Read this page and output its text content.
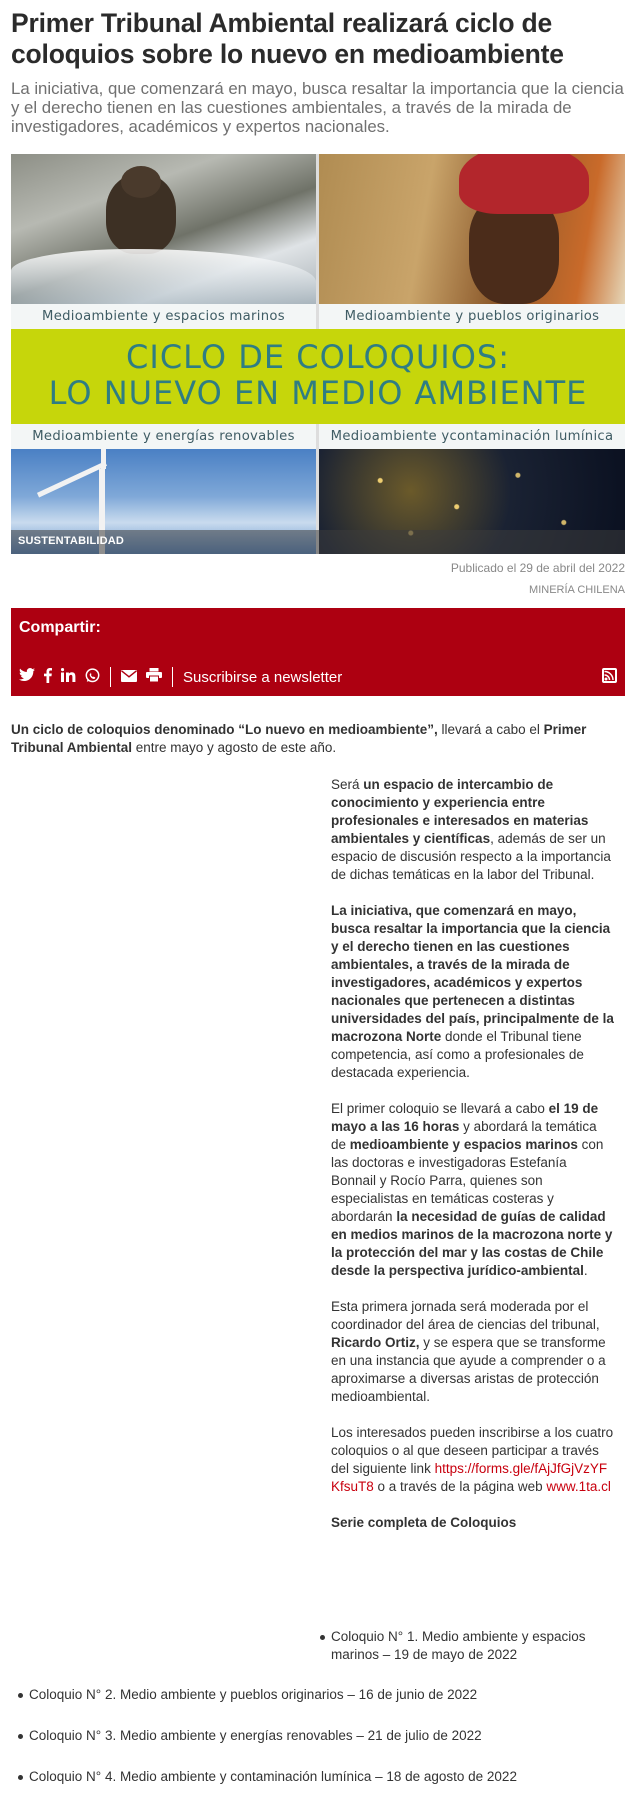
Primer Tribunal Ambiental realizará ciclo de coloquios sobre lo nuevo en medioambiente

La iniciativa, que comenzará en mayo, busca resaltar la importancia que la ciencia y el derecho tienen en las cuestiones ambientales, a través de la mirada de investigadores, académicos y expertos nacionales.

Medioambiente y espacios marinos	Medioambiente y pueblos originarios
CICLO DE COLOQUIOS:
LO NUEVO EN MEDIO AMBIENTE
Medioambiente y energías renovables	Medioambiente ycontaminación lumínica
SUSTENTABILIDAD

Publicado el 29 de abril del 2022

MINERÍA CHILENA

Compartir:
Suscribirse a newsletter

Un ciclo de coloquios denominado “Lo nuevo en medioambiente”, llevará a cabo el Primer Tribunal Ambiental entre mayo y agosto de este año.

Será un espacio de intercambio de conocimiento y experiencia entre profesionales e interesados en materias ambientales y científicas, además de ser un espacio de discusión respecto a la importancia de dichas temáticas en la labor del Tribunal.

La iniciativa, que comenzará en mayo, busca resaltar la importancia que la ciencia y el derecho tienen en las cuestiones ambientales, a través de la mirada de investigadores, académicos y expertos nacionales que pertenecen a distintas universidades del país, principalmente de la macrozona Norte donde el Tribunal tiene competencia, así como a profesionales de destacada experiencia.

El primer coloquio se llevará a cabo el 19 de mayo a las 16 horas y abordará la temática de medioambiente y espacios marinos con las doctoras e investigadoras Estefanía Bonnail y Rocío Parra, quienes son especialistas en temáticas costeras y abordarán la necesidad de guías de calidad en medios marinos de la macrozona norte y la protección del mar y las costas de Chile desde la perspectiva jurídico-ambiental.

Esta primera jornada será moderada por el coordinador del área de ciencias del tribunal, Ricardo Ortiz, y se espera que se transforme en una instancia que ayude a comprender o a aproximarse a diversas aristas de protección medioambiental.

Los interesados pueden inscribirse a los cuatro coloquios o al que deseen participar a través del siguiente link https://forms.gle/fAjJfGjVzYFKfsuT8 o a través de la página web www.1ta.cl

Serie completa de Coloquios

Coloquio N° 1. Medio ambiente y espacios marinos – 19 de mayo de 2022
Coloquio N° 2. Medio ambiente y pueblos originarios – 16 de junio de 2022
Coloquio N° 3. Medio ambiente y energías renovables – 21 de julio de 2022
Coloquio N° 4. Medio ambiente y contaminación lumínica – 18 de agosto de 2022
